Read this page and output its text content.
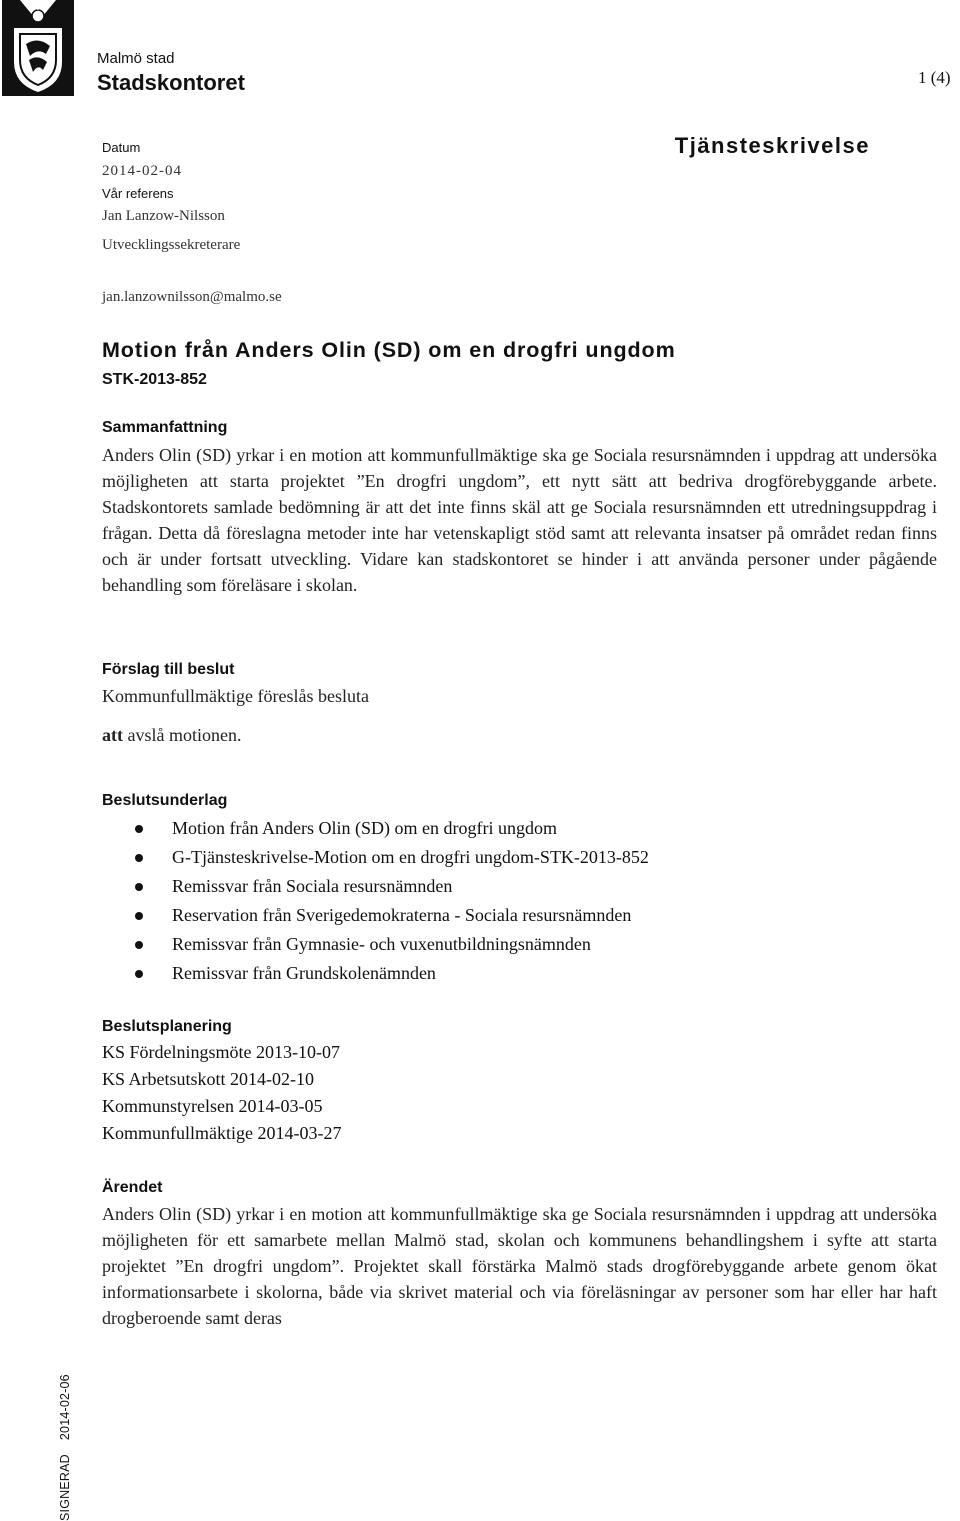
Malmö stad
Stadskontoret	1 (4)
Tjänsteskrivelse
Datum
2014-02-04
Vår referens
Jan Lanzow-Nilsson
Utvecklingssekreterare
jan.lanzownilsson@malmo.se
Motion från Anders Olin (SD) om en drogfri ungdom
STK-2013-852
Sammanfattning

Anders Olin (SD) yrkar i en motion att kommunfullmäktige ska ge Sociala resursnämnden i uppdrag att undersöka möjligheten att starta projektet ”En drogfri ungdom”, ett nytt sätt att bedriva drogförebyggande arbete. Stadskontorets samlade bedömning är att det inte finns skäl att ge Sociala resursnämnden ett utredningsuppdrag i frågan. Detta då föreslagna metoder inte har vetenskapligt stöd samt att relevanta insatser på området redan finns och är under fortsatt utveckling. Vidare kan stadskontoret se hinder i att använda personer under pågående behandling som föreläsare i skolan.

Förslag till beslut

Kommunfullmäktige föreslås besluta

att avslå motionen.

Beslutsunderlag
Motion från Anders Olin (SD) om en drogfri ungdom
G-Tjänsteskrivelse-Motion om en drogfri ungdom-STK-2013-852
Remissvar från Sociala resursnämnden
Reservation från Sverigedemokraterna - Sociala resursnämnden
Remissvar från Gymnasie- och vuxenutbildningsnämnden
Remissvar från Grundskolenämnden
Beslutsplanering
KS Fördelningsmöte 2013-10-07
KS Arbetsutskott 2014-02-10
Kommunstyrelsen 2014-03-05
Kommunfullmäktige 2014-03-27
Ärendet

Anders Olin (SD) yrkar i en motion att kommunfullmäktige ska ge Sociala resursnämnden i uppdrag att undersöka möjligheten för ett samarbete mellan Malmö stad, skolan och kommunens behandlingshem i syfte att starta projektet ”En drogfri ungdom”. Projektet skall förstärka Malmö stads drogförebyggande arbete genom ökat informationsarbete i skolorna, både via skrivet material och via föreläsningar av personer som har eller har haft drogberoende samt deras

SIGNERAD2014-02-06
